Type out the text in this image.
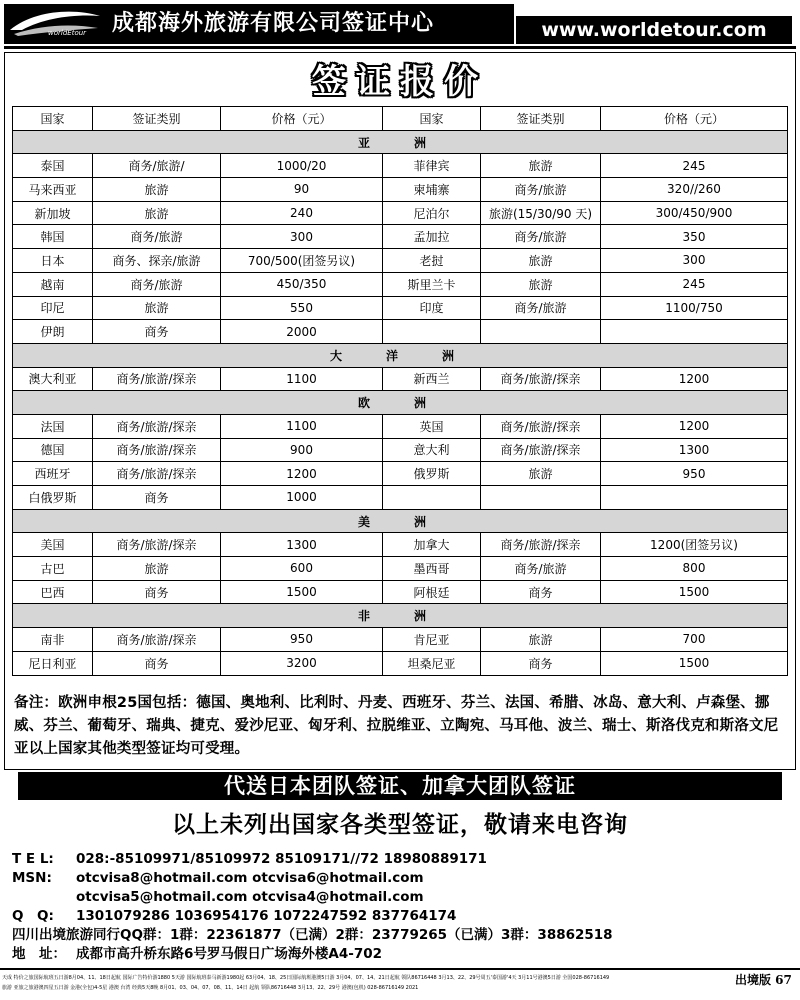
worldEtour	成都海外旅游有限公司签证中心	www.worldetour.com
签证报价
国家	签证类别	价格（元）	国家	签证类别	价格（元）
亚　洲					
泰国	商务/旅游/	1000/20	菲律宾	旅游	245
马来西亚	旅游	90	柬埔寨	商务/旅游	320//260
新加坡	旅游	240	尼泊尔	旅游(15/30/90 天)	300/450/900
韩国	商务/旅游	300	孟加拉	商务/旅游	350
日本	商务、探亲/旅游	700/500(团签另议)	老挝	旅游	300
越南	商务/旅游	450/350	斯里兰卡	旅游	245
印尼	旅游	550	印度	商务/旅游	1100/750
伊朗	商务	2000			
大　洋　洲					
澳大利亚	商务/旅游/探亲	1100	新西兰	商务/旅游/探亲	1200
欧　洲					
法国	商务/旅游/探亲	1100	英国	商务/旅游/探亲	1200
德国	商务/旅游/探亲	900	意大利	商务/旅游/探亲	1300
西班牙	商务/旅游/探亲	1200	俄罗斯	旅游	950
白俄罗斯	商务	1000			
美　洲					
美国	商务/旅游/探亲	1300	加拿大	商务/旅游/探亲	1200(团签另议)
古巴	旅游	600	墨西哥	商务/旅游	800
巴西	商务	1500	阿根廷	商务	1500
非　洲					
南非	商务/旅游/探亲	950	肯尼亚	旅游	700
尼日利亚	商务	3200	坦桑尼亚	商务	1500
备注：欧洲申根25国包括：德国、奥地利、比利时、丹麦、西班牙、芬兰、法国、希腊、冰岛、意大利、卢森堡、挪威、芬兰、葡萄牙、瑞典、捷克、爱沙尼亚、匈牙利、拉脱维亚、立陶宛、马耳他、波兰、瑞士、斯洛伐克和斯洛文尼亚以上国家其他类型签证均可受理。
代送日本团队签证、加拿大团队签证
以上未列出国家各类型签证，敬请来电咨询
T E L: 028:-85109971/85109972 85109171//72 18980889171
MSN: otcvisa8@hotmail.com otcvisa6@hotmail.com
otcvisa5@hotmail.com otcvisa4@hotmail.com
Q　Q: 1301079286 1036954176 1072247592 837764174
四川出境旅游同行QQ群：1群：22361877（已满）2群：23779265（已满）3群：38862518
地　址： 成都市高升桥东路6号罗马假日广场海外楼A4-702
天成 特价之旅国际航班五日游8月04、11、18日起航 国际广告特价游1880 5天游 国际航班泰马新游1980起 63月04、18、25日国际航班港澳5日游 3月04、07、14、21日起航 领队86716448 3月13、22、29号周五'泰国游'4天 3月11号港澳5日游 全国028-86716149
旅游 亚旅之旅港澳四星五日游 金港(全包)4-5星 港澳 台湾 经典5天8晚 8月01、03、04、07、08、11、14日 起航 领队86716448 3月13、22、29号 港澳(包机) 028-86716149 2021
出境版 67
